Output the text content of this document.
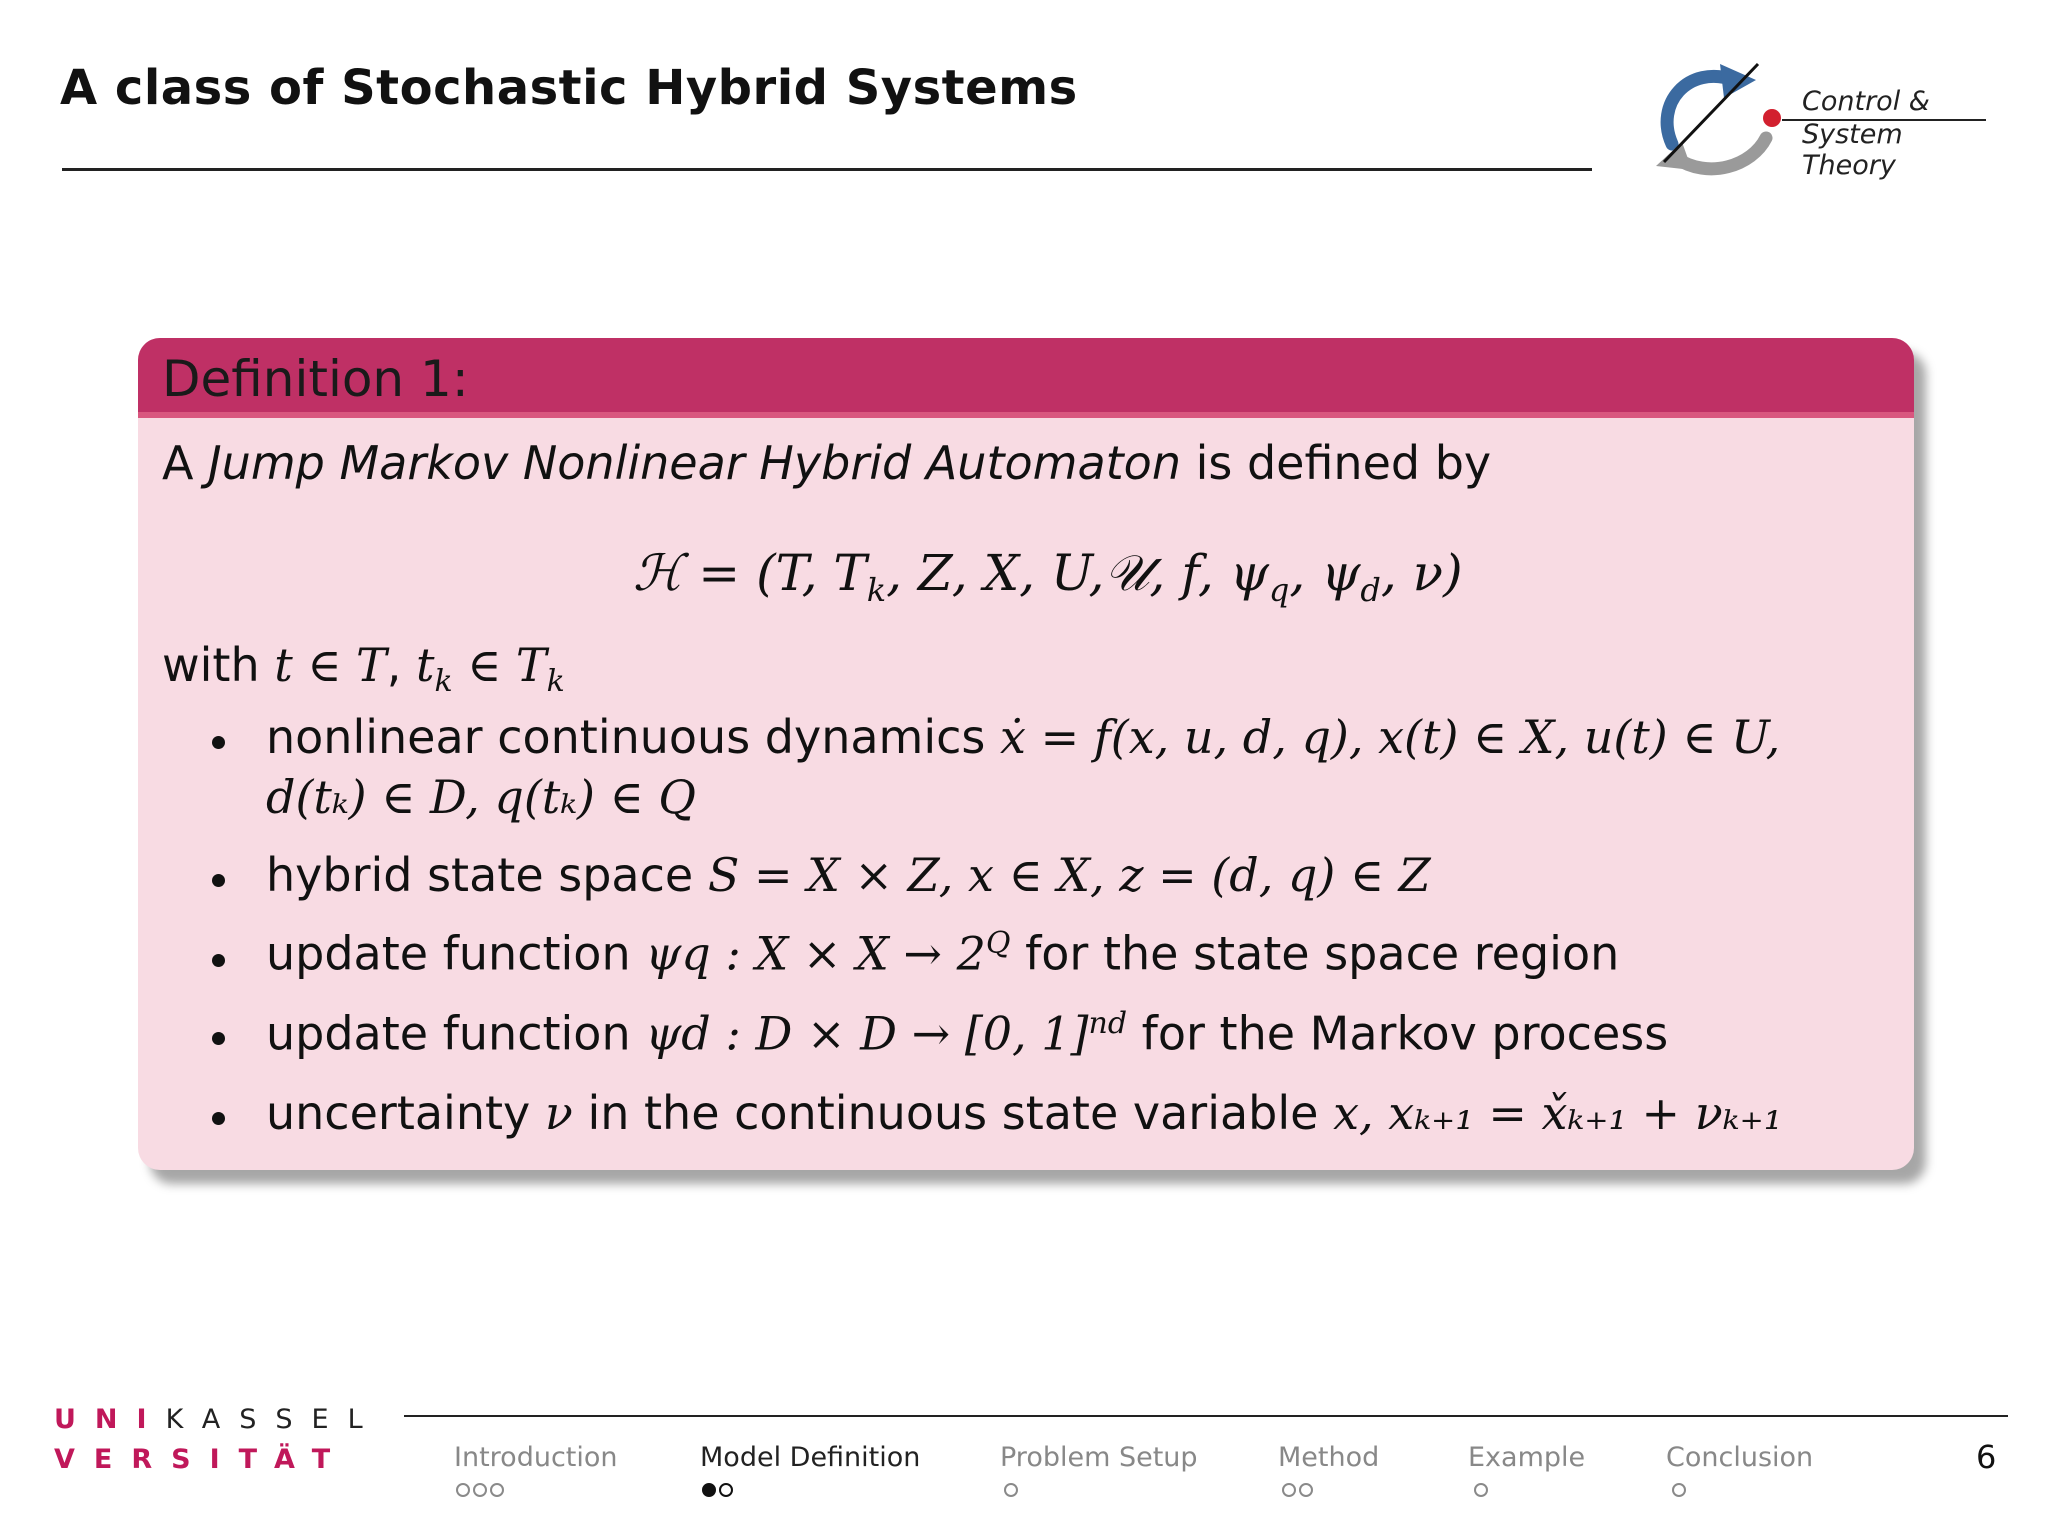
A class of Stochastic Hybrid Systems	Control &
System Theory
Definition 1:
A Jump Markov Nonlinear Hybrid Automaton is defined by
ℋ = (T, $T_k$, Z, X, U,𝒰, f, $\psi_q$, $\psi_d$, ν)
with t ∈ T, $t_k$ ∈ $T_k$
nonlinear continuous dynamics ẋ = f(x, u, d, q), x(t) ∈ X, u(t) ∈ U,
d(tₖ) ∈ D, q(tₖ) ∈ Q
hybrid state space S = X × Z, x ∈ X, z = (d, q) ∈ Z
update function ψq : $X \times X \to 2^Q$ for the state space region
update function ψd : D × D → [0, 1]$^{nd}$ for the Markov process
uncertainty ν in the continuous state variable x, xₖ₊₁ = x̌ₖ₊₁ + νₖ₊₁
UNIKASSEL
VERSITÄT	Introduction	Model Definition	Problem Setup	Method	Example	Conclusion	6
